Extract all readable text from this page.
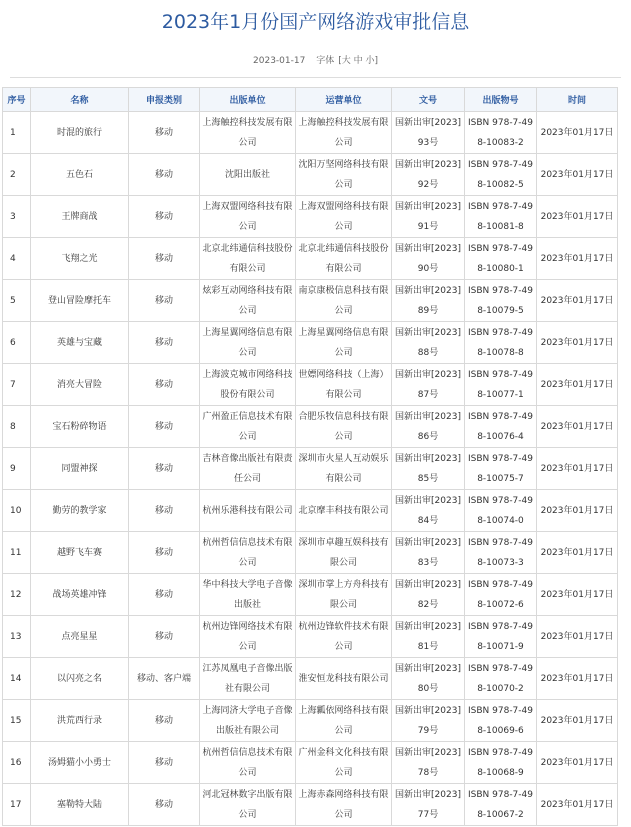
2023年1月份国产网络游戏审批信息
2023-01-17 字体 [大 中 小]
序号	名称	申报类别	出版单位	运营单位	文号	出版物号	时间
1	时混的旅行	移动	上海触控科技发展有限公司	上海触控科技发展有限公司	国新出审[2023]93号	ISBN 978-7-498-10083-2	2023年01月17日
2	五色石	移动	沈阳出版社	沈阳万坚网络科技有限公司	国新出审[2023]92号	ISBN 978-7-498-10082-5	2023年01月17日
3	王牌商战	移动	上海双盟网络科技有限公司	上海双盟网络科技有限公司	国新出审[2023]91号	ISBN 978-7-498-10081-8	2023年01月17日
4	飞翔之光	移动	北京北纬通信科技股份有限公司	北京北纬通信科技股份有限公司	国新出审[2023]90号	ISBN 978-7-498-10080-1	2023年01月17日
5	登山冒险摩托车	移动	炫彩互动网络科技有限公司	南京康极信息科技有限公司	国新出审[2023]89号	ISBN 978-7-498-10079-5	2023年01月17日
6	英雄与宝藏	移动	上海星翼网络信息有限公司	上海星翼网络信息有限公司	国新出审[2023]88号	ISBN 978-7-498-10078-8	2023年01月17日
7	消亮大冒险	移动	上海波克城市网络科技股份有限公司	世嫖网络科技（上海）有限公司	国新出审[2023]87号	ISBN 978-7-498-10077-1	2023年01月17日
8	宝石粉碎物语	移动	广州盈正信息技术有限公司	合肥乐牧信息科技有限公司	国新出审[2023]86号	ISBN 978-7-498-10076-4	2023年01月17日
9	同盟神探	移动	吉林音像出版社有限责任公司	深圳市火星人互动娱乐有限公司	国新出审[2023]85号	ISBN 978-7-498-10075-7	2023年01月17日
10	勤劳的教学家	移动	杭州乐港科技有限公司	北京摩丰科技有限公司	国新出审[2023]84号	ISBN 978-7-498-10074-0	2023年01月17日
11	越野飞车赛	移动	杭州哲信信息技术有限公司	深圳市卓趣互娱科技有限公司	国新出审[2023]83号	ISBN 978-7-498-10073-3	2023年01月17日
12	战场英雄冲锋	移动	华中科技大学电子音像出版社	深圳市掌上方舟科技有限公司	国新出审[2023]82号	ISBN 978-7-498-10072-6	2023年01月17日
13	点亮星星	移动	杭州边锋网络技术有限公司	杭州边锋软件技术有限公司	国新出审[2023]81号	ISBN 978-7-498-10071-9	2023年01月17日
14	以闪亮之名	移动、客户端	江苏凤凰电子音像出版社有限公司	淮安恒龙科技有限公司	国新出审[2023]80号	ISBN 978-7-498-10070-2	2023年01月17日
15	洪荒西行录	移动	上海同济大学电子音像出版社有限公司	上海瓤依网络科技有限公司	国新出审[2023]79号	ISBN 978-7-498-10069-6	2023年01月17日
16	汤姆猫小小勇士	移动	杭州哲信信息技术有限公司	广州金科文化科技有限公司	国新出审[2023]78号	ISBN 978-7-498-10068-9	2023年01月17日
17	塞勒特大陆	移动	河北冠林数字出版有限公司	上海赤森网络科技有限公司	国新出审[2023]77号	ISBN 978-7-498-10067-2	2023年01月17日
